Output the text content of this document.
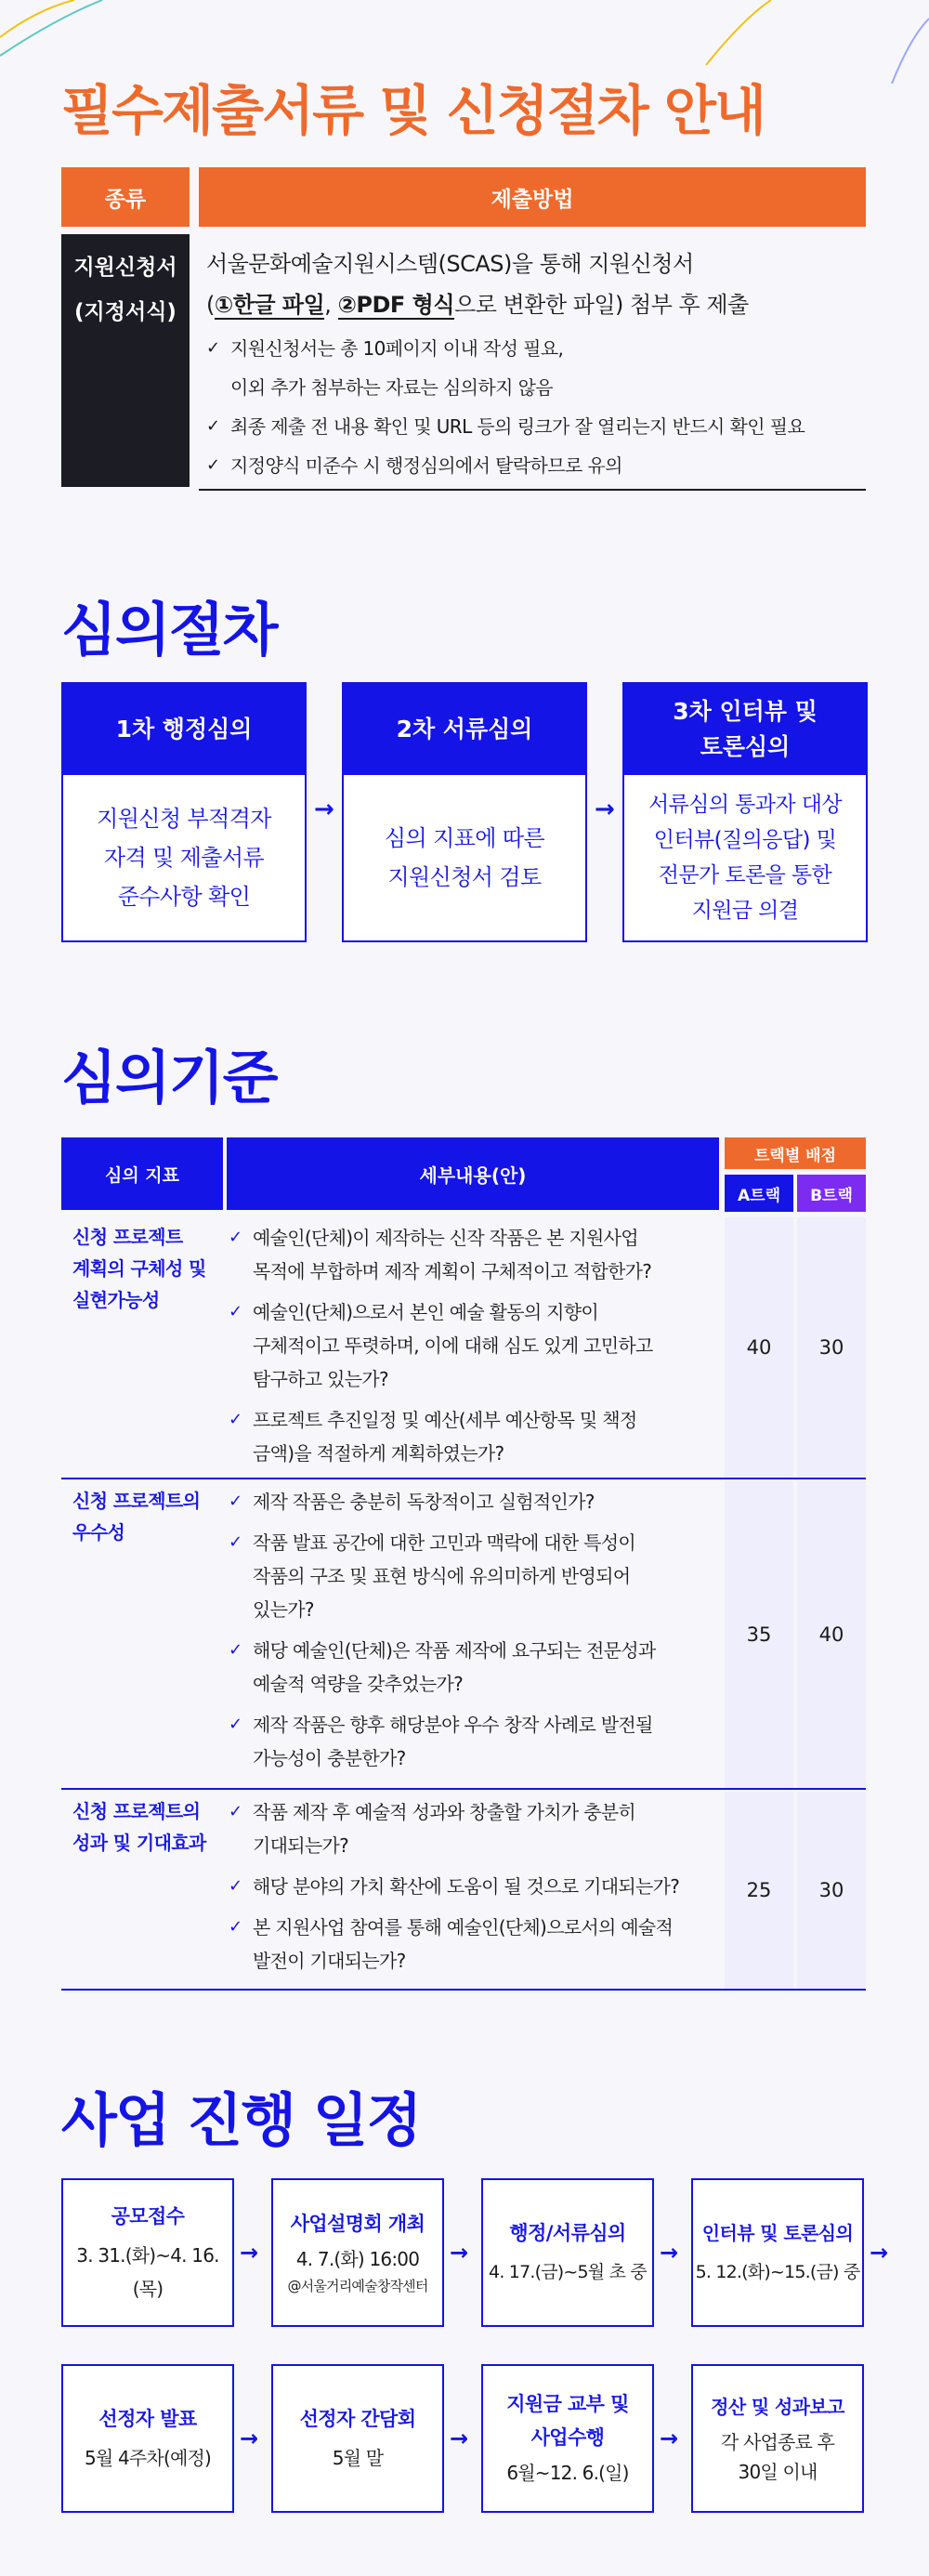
필수제출서류 및 신청절차 안내
종류	제출방법
지원신청서
(지정서식)
서울문화예술지원시스템(SCAS)을 통해 지원신청서
(①한글 파일, ②PDF 형식으로 변환한 파일) 첨부 후 제출
✓ 지원신청서는 총 10페이지 이내 작성 필요,
이외 추가 첨부하는 자료는 심의하지 않음
✓ 최종 제출 전 내용 확인 및 URL 등의 링크가 잘 열리는지 반드시 확인 필요
✓ 지정양식 미준수 시 행정심의에서 탈락하므로 유의
심의절차
1차 행정심의
지원신청 부적격자
자격 및 제출서류
준수사항 확인
→
2차 서류심의
심의 지표에 따른
지원신청서 검토
→
3차 인터뷰 및
토론심의
서류심의 통과자 대상
인터뷰(질의응답) 및
전문가 토론을 통한
지원금 의결
심의기준
심의 지표	세부내용(안)
트랙별 배점
A트랙	B트랙
신청 프로젝트
계획의 구체성 및
실현가능성
✓ 예술인(단체)이 제작하는 신작 작품은 본 지원사업
목적에 부합하며 제작 계획이 구체적이고 적합한가?
✓ 예술인(단체)으로서 본인 예술 활동의 지향이
구체적이고 뚜렷하며, 이에 대해 심도 있게 고민하고
탐구하고 있는가?
✓ 프로젝트 추진일정 및 예산(세부 예산항목 및 책정
금액)을 적절하게 계획하였는가?
40	30
신청 프로젝트의
우수성
✓ 제작 작품은 충분히 독창적이고 실험적인가?
✓ 작품 발표 공간에 대한 고민과 맥락에 대한 특성이
작품의 구조 및 표현 방식에 유의미하게 반영되어
있는가?
✓ 해당 예술인(단체)은 작품 제작에 요구되는 전문성과
예술적 역량을 갖추었는가?
✓ 제작 작품은 향후 해당분야 우수 창작 사례로 발전될
가능성이 충분한가?
35	40
신청 프로젝트의
성과 및 기대효과
✓ 작품 제작 후 예술적 성과와 창출할 가치가 충분히
기대되는가?
✓ 해당 분야의 가치 확산에 도움이 될 것으로 기대되는가?
✓ 본 지원사업 참여를 통해 예술인(단체)으로서의 예술적
발전이 기대되는가?
25	30
사업 진행 일정
공모접수
3. 31.(화)~4. 16.(목)
→
사업설명회 개최
4. 7.(화) 16:00
@서울거리예술창작센터
→
행정/서류심의
4. 17.(금)~5월 초 중
→
인터뷰 및 토론심의
5. 12.(화)~15.(금) 중
→
선정자 발표
5월 4주차(예정)
→
선정자 간담회
5월 말
→
지원금 교부 및
사업수행
6월~12. 6.(일)
→
정산 및 성과보고
각 사업종료 후
30일 이내
